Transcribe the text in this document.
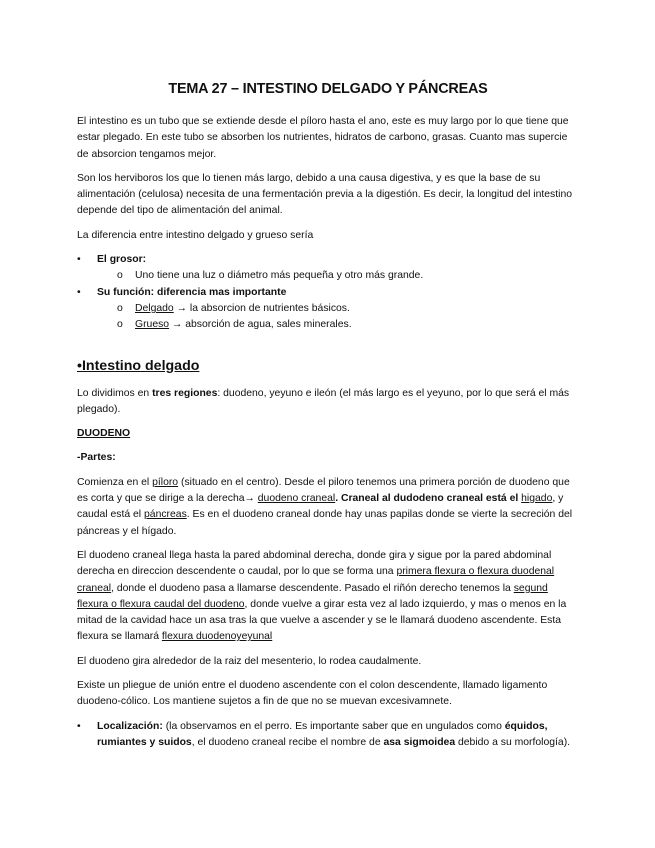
TEMA 27 – INTESTINO DELGADO Y PÁNCREAS

El intestino es un tubo que se extiende desde el píloro hasta el ano, este es muy largo por lo que tiene que estar plegado. En este tubo se absorben los nutrientes, hidratos de carbono, grasas. Cuanto mas supercie de absorcion tengamos mejor.

Son los herviboros los que lo tienen más largo, debido a una causa digestiva, y es que la base de su alimentación (celulosa) necesita de una fermentación previa a la digestión. Es decir, la longitud del intestino depende del tipo de alimentación del animal.

La diferencia entre intestino delgado y grueso sería

• El grosor:
o Uno tiene una luz o diámetro más pequeña y otro más grande.
• Su función: diferencia mas importante
o Delgado → la absorcion de nutrientes básicos.
o Grueso → absorción de agua, sales minerales.
•Intestino delgado

Lo dividimos en tres regiones: duodeno, yeyuno e ileón (el más largo es el yeyuno, por lo que será el más plegado).

DUODENO

-Partes:

Comienza en el píloro (situado en el centro). Desde el piloro tenemos una primera porción de duodeno que es corta y que se dirige a la derecha→ duodeno craneal. Craneal al dudodeno craneal está el higado, y caudal está el páncreas. Es en el duodeno craneal donde hay unas papilas donde se vierte la secreción del páncreas y el hígado.

El duodeno craneal llega hasta la pared abdominal derecha, donde gira y sigue por la pared abdominal derecha en direccion descendente o caudal, por lo que se forma una primera flexura o flexura duodenal craneal, donde el duodeno pasa a llamarse descendente. Pasado el riñón derecho tenemos la segund flexura o flexura caudal del duodeno, donde vuelve a girar esta vez al lado izquierdo, y mas o menos en la mitad de la cavidad hace un asa tras la que vuelve a ascender y se le llamará duodeno ascendente. Esta flexura se llamará flexura duodenoyeyunal

El duodeno gira alrededor de la raiz del mesenterio, lo rodea caudalmente.

Existe un pliegue de unión entre el duodeno ascendente con el colon descendente, llamado ligamento duodeno-cólico. Los mantiene sujetos a fin de que no se muevan excesivamnete.

• Localización: (la observamos en el perro. Es importante saber que en ungulados como équidos, rumiantes y suidos, el duodeno craneal recibe el nombre de asa sigmoidea debido a su morfología).
